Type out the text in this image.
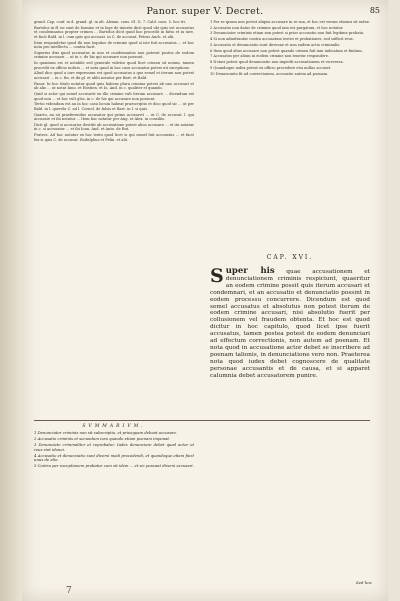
Panor. super V. Decret.	85

grand. Cap. conf. in d. grand. gl. in alt. Alexan. cons. 61. li. 7. Cald. cons. 5. hoc tit.

Bartolus in ff. ne sunt de homine et in lege de iniuriis dicit quod ubi quis est accusatus et condemnatus propter crimen ... Bartolus dicit quod hoc procedit in fatto et in iure, et facit Bald. in l. cum quis qui accusat. in C. de accusat. Petrus Anch. et alii.

Item respondetur quod ibi non loquitur de crimine quod si iste fuit accusatus ... et hoc nota pro intellectu ... contra facit.

Superius dixi quod accusatus in uno et condemnatus non poterat postea de eodem crimine accusari ... ut in c. de his qui accusare non possunt.

In quantum est et notabile sed generale videtur quod licet crimen sit notum, tamen procedit ex officio iudicis ... et nota quod in hoc casu accusatus potest uti exceptione.

Aliud dico quod a iure expressum est quod accusatus a quo semel et iterum non potest accusari ... in c. fin. et ibi gl. et alibi notatur per Bart. et Bald.

Panor. In hoc titulo notatur quod quis habens plura crimina potest ab uno accusari et ab alio ... ut notat Inno. et Hostien. et Io. And. in c. qualiter et quando.

Quid si actor qui semel accusavit ex illo crimine vult iterum accusare ... dicendum est quod non ... et hoc vult glos. in c. de his qui accusare non possunt.

Tertio videndum est an in hoc casu locum habeat praescriptio et dico quod sic ... ut per Bald. in l. querela C. ad l. Cornel. de falsis et Bart. in l. si quis.

Quarto, an sit praeferendus accusator qui primo accusavit ... ut C. de accusat. l. qui accusare et ibi notatur ... Item hoc notatur per Ang. et Alex. in consiliis.

Dicit gl. quod si accusator destitit ab accusatione potest alius accusare ... et ita notatur in c. si accusator ... et ibi Ioan. And. et Anto. de But.

Fratres. Ad hoc notatur ex hoc textu quod licet is qui semel fuit accusatus ... et facit lex si quis C. de accusat. Rodulphus et Felin. et alii.

SVMMARIVM.

1 Denunciator criminis non sit subscriptio, et priusquam debeat accusare.

2 Accusatio criminis et secundum iura quando etiam poenam imponat.

3 Denunciato criminaliter et reprobatur. Iudex denunciare debet quod actor et reus sint idonei.

4 Accusatio et denunciatio sunt diversi modi procedendi, et quandoque etiam facit unus de alio.

5 Contra per exceptionem probatur cum sit idem ... et sic possunt diversi accusari.

1 Per se ipsum non potest aliquis accusare in re sua, et hoc est verum etiamsi sit iudex.

2 Accusatio non datur de crimine quod iam est purgatum, et hoc notatur.

3 Denunciator criminis etiam non potest si prior accusatio non fuit legitime probata.

4 Si non admittuntur contra accusatum testes et probationes, sed sufficit reus.

5 Accusatio et denunciatio sunt diversae et non eadem actio criminalis.

6 Item quod alius accusare non potest quando crimen fuit iam iudicatum et finitum.

7 Accusatus per alium in eodem crimine non tenetur respondere.

8 Notari potest quod denunciatio non impedit accusationem et viceversa.

9 Quandoque iudex potest ex officio procedere etsi nullus accuset.

10 Denunciatio fit ad correctionem, accusatio autem ad poenam.

CAP. XVI.
Super his quae accusationem et denunciationem criminis respiciunt, quaeritur an eodem crimine possit quis iterum accusari et condemnari, et an accusatio et denunciatio possint in eodem processu concurrere. Dicendum est quod semel accusatus et absolutus non potest iterum de eodem crimine accusari, nisi absolutio fuerit per collusionem vel fraudem obtenta. Et hoc est quod dicitur in hoc capitulo, quod licet ipse fuerit accusatus, tamen postea potest de eodem denunciari ad effectum correctionis, non autem ad poenam. Et nota quod in accusatione actor debet se inscribere ad poenam talionis, in denunciatione vero non. Praeterea nota quod iudex debet cognoscere de qualitate personae accusantis et de causa, et si apparet calumnia debet accusatorem punire.
Sed hoc
7
